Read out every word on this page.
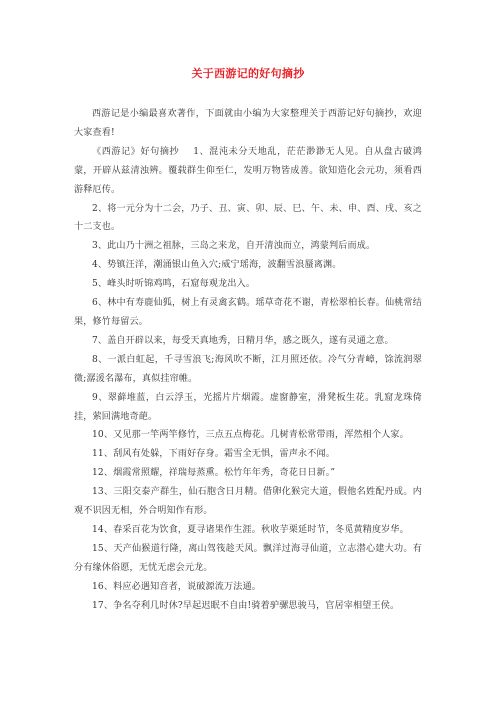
关于西游记的好句摘抄

西游记是小编最喜欢著作，下面就由小编为大家整理关于西游记好句摘抄，欢迎大家查看!

《西游记》好句摘抄 1、混沌未分天地乱，茫茫渺渺无人见。自从盘古破鸿蒙，开辟从兹清浊辨。覆载群生仰至仁，发明万物皆成善。欲知造化会元功，须看西游释厄传。

2、将一元分为十二会，乃子、丑、寅、卯、辰、巳、午、未、申、酉、戌、亥之十二支也。

3、此山乃十洲之祖脉，三岛之来龙，自开清浊而立，鸿蒙判后而成。

4、势镇汪洋，潮涌银山鱼入穴;威宁瑶海，波翻雪浪蜃离渊。

5、峰头时听锦鸡鸣，石窟每观龙出入。

6、林中有寿鹿仙狐，树上有灵禽玄鹤。瑶草奇花不谢，青松翠柏长春。仙桃常结果，修竹每留云。

7、盖自开辟以来，每受天真地秀，日精月华，感之既久，遂有灵通之意。

8、一派白虹起，千寻雪浪飞;海风吹不断，江月照还依。冷气分青嶂，馀流润翠微;潺湲名瀑布，真似挂帘帷。

9、翠藓堆蓝，白云浮玉，光摇片片烟霞。虚窗静室，滑凳板生花。乳窟龙珠倚挂，萦回满地奇葩。

10、又见那一竿两竿修竹，三点五点梅花。几树青松常带雨，浑然相个人家。

11、刮风有处躲，下雨好存身。霜雪全无惧，雷声永不闻。

12、烟霞常照耀，祥瑞每蒸熏。松竹年年秀，奇花日日新。”

13、三阳交泰产群生，仙石胞含日月精。借卵化猴完大道，假他名姓配丹成。内观不识因无相，外合明知作有形。

14、春采百花为饮食，夏寻诸果作生涯。秋收芋栗延时节，冬觅黄精度岁华。

15、天产仙猴道行隆，离山驾筏趁天风。飘洋过海寻仙道，立志潜心建大功。有分有缘休俗愿，无忧无虑会元龙。

16、料应必遇知音者，说破源流万法通。

17、争名夺利几时休?早起迟眠不自由!骑着驴骡思骏马，官居宰相望王侯。
